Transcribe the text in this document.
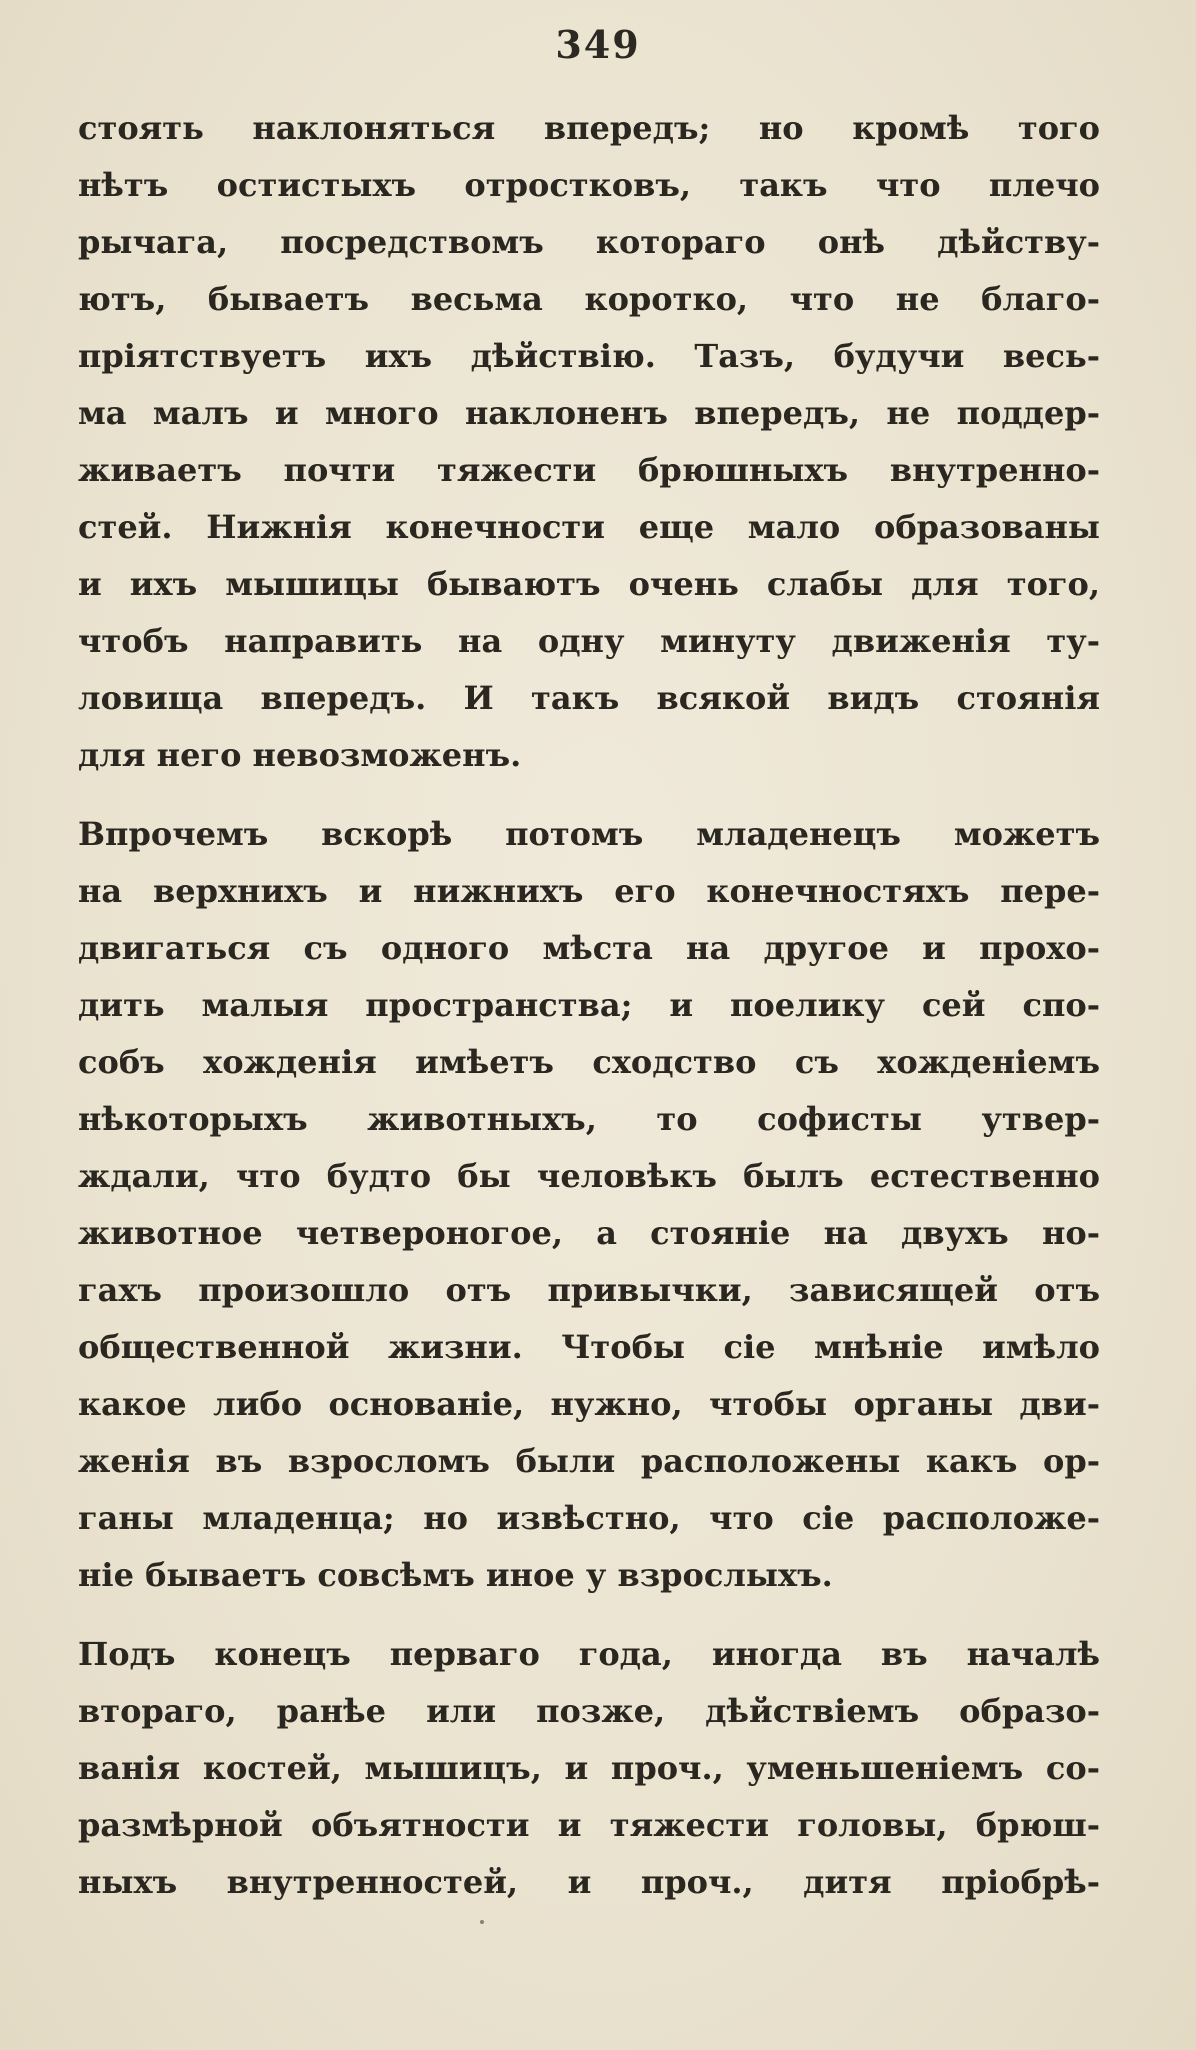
349
стоять наклоняться впередъ; но кромѣ того
нѣтъ остистыхъ отростковъ, такъ что плечо
рычага, посредствомъ котораго онѣ дѣйству-
ютъ, бываетъ весьма коротко, что не благо-
пріятствуетъ ихъ дѣйствію. Тазъ, будучи весь-
ма малъ и много наклоненъ впередъ, не поддер-
живаетъ почти тяжести брюшныхъ внутренно-
стей. Нижнія конечности еще мало образованы
и ихъ мышицы бываютъ очень слабы для того,
чтобъ направить на одну минуту движенія ту-
ловища впередъ. И такъ всякой видъ стоянія
для него невозможенъ.
Впрочемъ вскорѣ потомъ младенецъ можетъ
на верхнихъ и нижнихъ его конечностяхъ пере-
двигаться съ одного мѣста на другое и прохо-
дить малыя пространства; и поелику сей спо-
собъ хожденія имѣетъ сходство съ хожденіемъ
нѣкоторыхъ животныхъ, то софисты утвер-
ждали, что будто бы человѣкъ былъ естественно
животное четвероногое, а стояніе на двухъ но-
гахъ произошло отъ привычки, зависящей отъ
общественной жизни. Чтобы сіе мнѣніе имѣло
какое либо основаніе, нужно, чтобы органы дви-
женія въ взросломъ были расположены какъ ор-
ганы младенца; но извѣстно, что сіе расположе-
ніе бываетъ совсѣмъ иное у взрослыхъ.
Подъ конецъ перваго года, иногда въ началѣ
втораго, ранѣе или позже, дѣйствіемъ образо-
ванія костей, мышицъ, и проч., уменьшеніемъ со-
размѣрной объятности и тяжести головы, брюш-
ныхъ внутренностей, и проч., дитя пріобрѣ-
